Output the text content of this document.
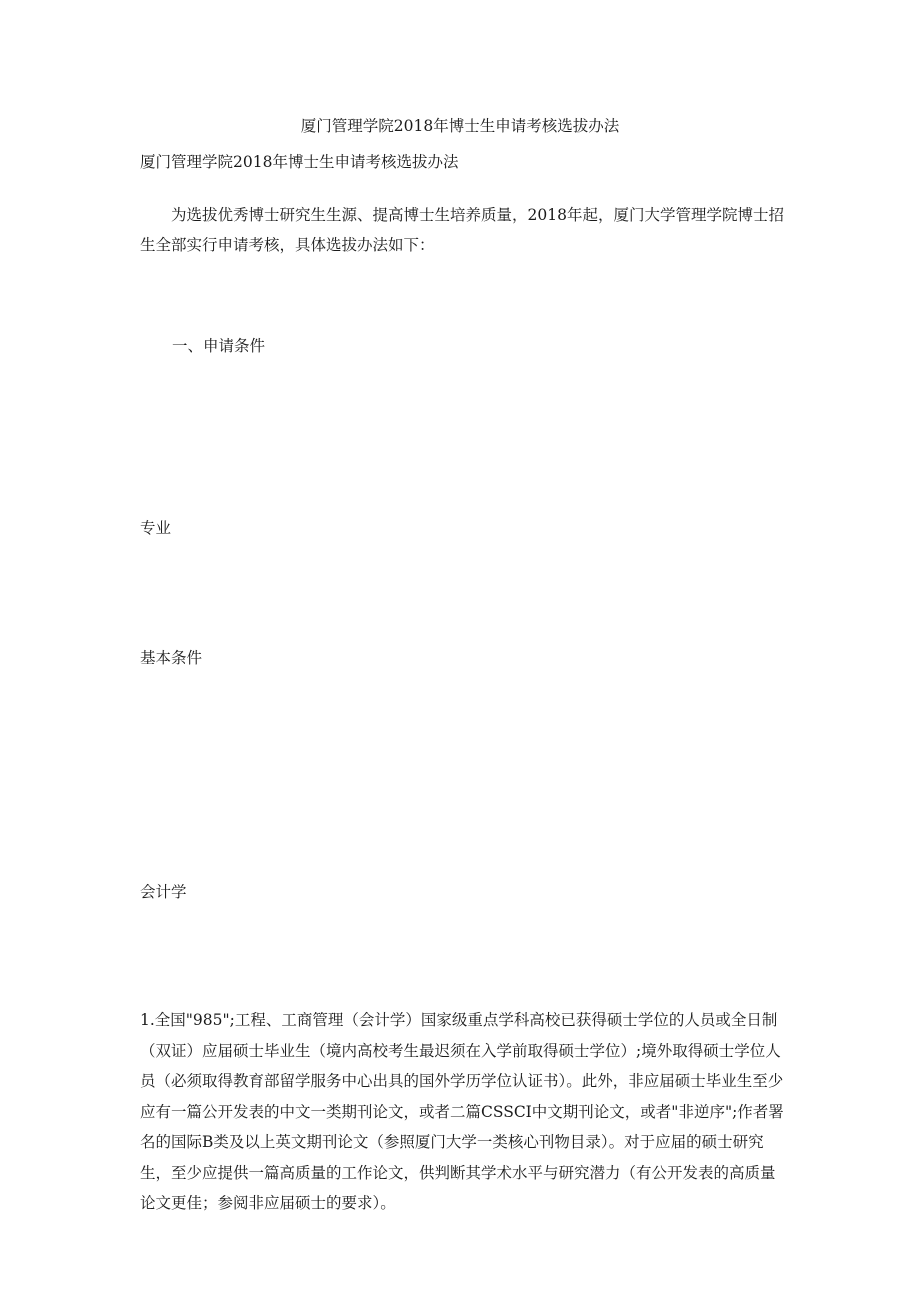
厦门管理学院2018年博士生申请考核选拔办法
厦门管理学院2018年博士生申请考核选拔办法
为选拔优秀博士研究生生源、提高博士生培养质量，2018年起，厦门大学管理学院博士招生全部实行申请考核，具体选拔办法如下：
一、申请条件
专业
基本条件
会计学
1.全国"985";工程、工商管理（会计学）国家级重点学科高校已获得硕士学位的人员或全日制（双证）应届硕士毕业生（境内高校考生最迟须在入学前取得硕士学位）;境外取得硕士学位人员（必须取得教育部留学服务中心出具的国外学历学位认证书）。此外，非应届硕士毕业生至少应有一篇公开发表的中文一类期刊论文，或者二篇CSSCI中文期刊论文，或者"非逆序";作者署名的国际B类及以上英文期刊论文（参照厦门大学一类核心刊物目录）。对于应届的硕士研究生，至少应提供一篇高质量的工作论文，供判断其学术水平与研究潜力（有公开发表的高质量论文更佳；参阅非应届硕士的要求）。
